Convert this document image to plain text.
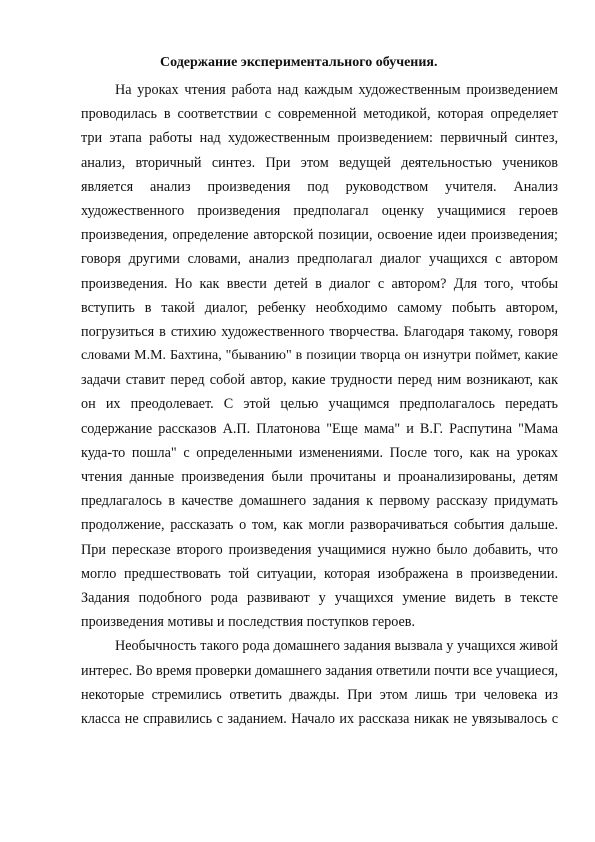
Содержание экспериментального обучения.
На уроках чтения работа над каждым художественным произведением
проводилась в соответствии с современной методикой, которая определяет
три этапа работы над художественным произведением: первичный синтез,
анализ, вторичный синтез. При этом ведущей деятельностью учеников
является анализ произведения под руководством учителя. Анализ
художественного произведения предполагал оценку учащимися героев
произведения, определение авторской позиции, освоение идеи произведения;
говоря другими словами, анализ предполагал диалог учащихся с автором
произведения. Но как ввести детей в диалог с автором? Для того, чтобы
вступить в такой диалог, ребенку необходимо самому побыть автором,
погрузиться в стихию художественного творчества. Благодаря такому, говоря
словами М.М. Бахтина, "быванию" в позиции творца он изнутри поймет, какие
задачи ставит перед собой автор, какие трудности перед ним возникают, как
он их преодолевает. С этой целью учащимся предполагалось передать
содержание рассказов А.П. Платонова "Еще мама" и В.Г. Распутина "Мама
куда-то пошла" с определенными изменениями. После того, как на уроках
чтения данные произведения были прочитаны и проанализированы, детям
предлагалось в качестве домашнего задания к первому рассказу придумать
продолжение, рассказать о том, как могли разворачиваться события дальше.
При пересказе второго произведения учащимися нужно было добавить, что
могло предшествовать той ситуации, которая изображена в произведении.
Задания подобного рода развивают у учащихся умение видеть в тексте
произведения мотивы и последствия поступков героев.
Необычность такого рода домашнего задания вызвала у учащихся живой
интерес. Во время проверки домашнего задания ответили почти все учащиеся,
некоторые стремились ответить дважды. При этом лишь три человека из
класса не справились с заданием. Начало их рассказа никак не увязывалось с
